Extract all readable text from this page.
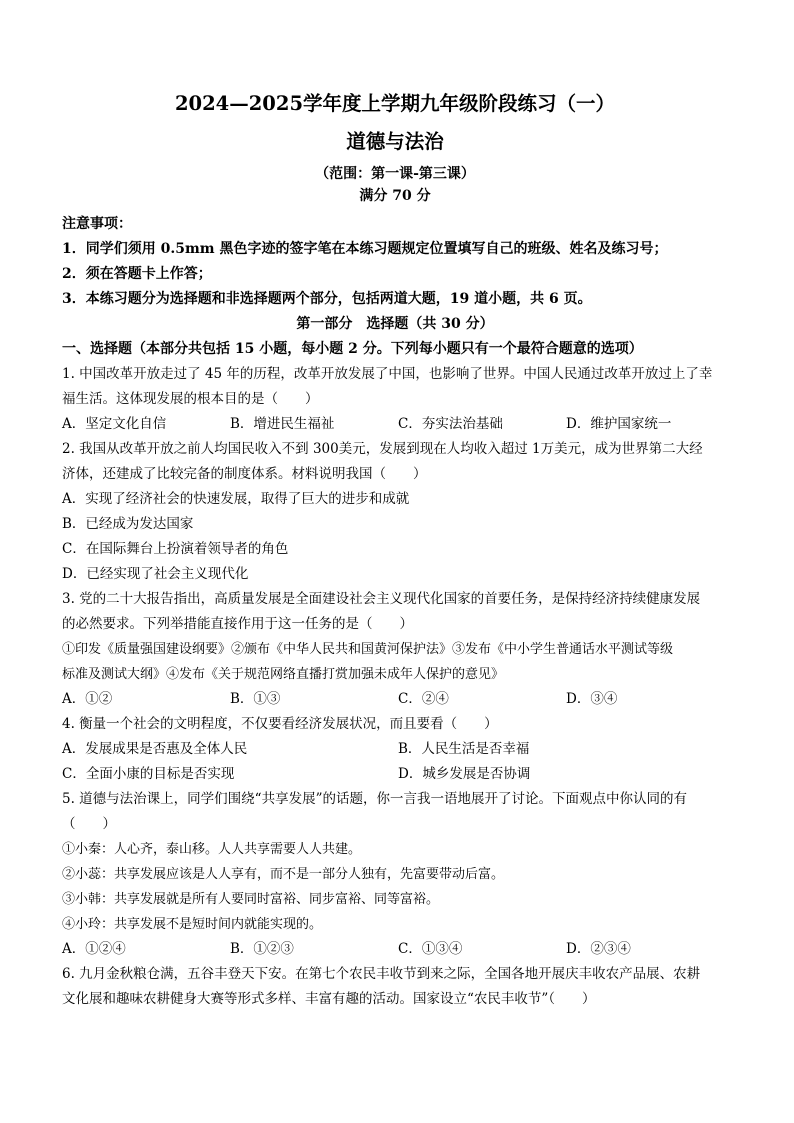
2024—2025学年度上学期九年级阶段练习（一）
道德与法治
（范围：第一课-第三课）
满分 70 分
注意事项：
1．同学们须用 0.5mm 黑色字迹的签字笔在本练习题规定位置填写自己的班级、姓名及练习号；
2．须在答题卡上作答；
3．本练习题分为选择题和非选择题两个部分，包括两道大题，19 道小题，共 6 页。
第一部分　选择题（共 30 分）
一、选择题（本部分共包括 15 小题，每小题 2 分。下列每小题只有一个最符合题意的选项）
1. 中国改革开放走过了 45 年的历程，改革开放发展了中国，也影响了世界。中国人民通过改革开放过上了幸
福生活。这体现发展的根本目的是（　　）
A．坚定文化自信	B．增进民生福祉	C．夯实法治基础	D．维护国家统一
2. 我国从改革开放之前人均国民收入不到 300美元，发展到现在人均收入超过 1万美元，成为世界第二大经
济体，还建成了比较完备的制度体系。材料说明我国（　　）
A．实现了经济社会的快速发展，取得了巨大的进步和成就
B．已经成为发达国家
C．在国际舞台上扮演着领导者的角色
D．已经实现了社会主义现代化
3. 党的二十大报告指出，高质量发展是全面建设社会主义现代化国家的首要任务，是保持经济持续健康发展
的必然要求。下列举措能直接作用于这一任务的是（　　）
①印发《质量强国建设纲要》②颁布《中华人民共和国黄河保护法》③发布《中小学生普通话水平测试等级
标准及测试大纲》④发布《关于规范网络直播打赏加强未成年人保护的意见》
A．①②	B．①③	C．②④	D．③④
4. 衡量一个社会的文明程度，不仅要看经济发展状况，而且要看（　　）
A．发展成果是否惠及全体人民	B．人民生活是否幸福
C．全面小康的目标是否实现	D．城乡发展是否协调
5. 道德与法治课上，同学们围绕“共享发展”的话题，你一言我一语地展开了讨论。下面观点中你认同的有
（　　）
①小秦：人心齐，泰山移。人人共享需要人人共建。
②小蕊：共享发展应该是人人享有，而不是一部分人独有，先富要带动后富。
③小韩：共享发展就是所有人要同时富裕、同步富裕、同等富裕。
④小玲：共享发展不是短时间内就能实现的。
A．①②④	B．①②③	C．①③④	D．②③④
6. 九月金秋粮仓满，五谷丰登天下安。在第七个农民丰收节到来之际，全国各地开展庆丰收农产品展、农耕
文化展和趣味农耕健身大赛等形式多样、丰富有趣的活动。国家设立“农民丰收节”（　　）
